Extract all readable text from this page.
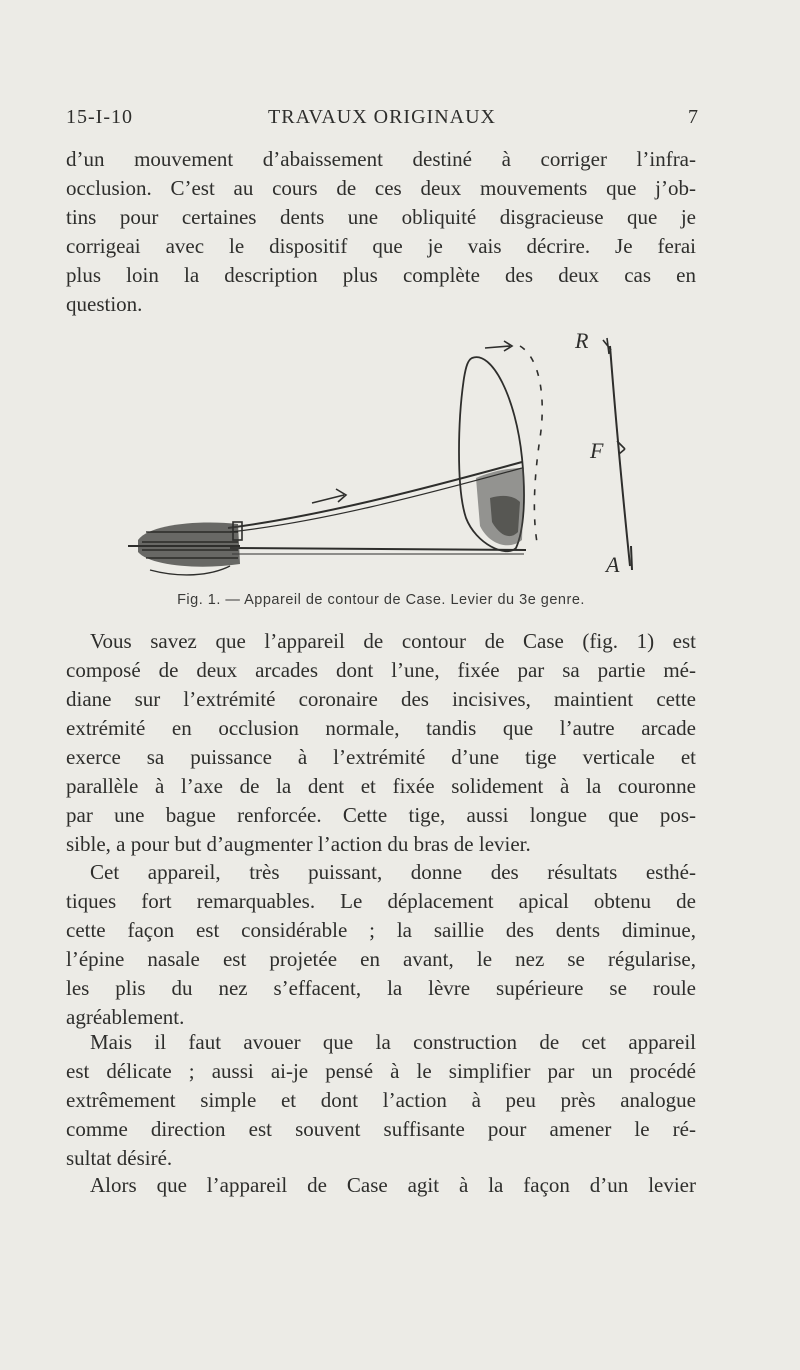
15-I-10	TRAVAUX ORIGINAUX	7
d’un mouvement d’abaissement destiné à corriger l’infra-
occlusion. C’est au cours de ces deux mouvements que j’ob-
tins pour certaines dents une obliquité disgracieuse que je
corrigeai avec le dispositif que je vais décrire. Je ferai
plus loin la description plus complète des deux cas en
question.
R
F
A
Fig. 1. — Appareil de contour de Case. Levier du 3e genre.
Vous savez que l’appareil de contour de Case (fig. 1) est
composé de deux arcades dont l’une, fixée par sa partie mé-
diane sur l’extrémité coronaire des incisives, maintient cette
extrémité en occlusion normale, tandis que l’autre arcade
exerce sa puissance à l’extrémité d’une tige verticale et
parallèle à l’axe de la dent et fixée solidement à la couronne
par une bague renforcée. Cette tige, aussi longue que pos-
sible, a pour but d’augmenter l’action du bras de levier.
Cet appareil, très puissant, donne des résultats esthé-
tiques fort remarquables. Le déplacement apical obtenu de
cette façon est considérable ; la saillie des dents diminue,
l’épine nasale est projetée en avant, le nez se régularise,
les plis du nez s’effacent, la lèvre supérieure se roule
agréablement.
Mais il faut avouer que la construction de cet appareil
est délicate ; aussi ai-je pensé à le simplifier par un procédé
extrêmement simple et dont l’action à peu près analogue
comme direction est souvent suffisante pour amener le ré-
sultat désiré.
Alors que l’appareil de Case agit à la façon d’un levier
